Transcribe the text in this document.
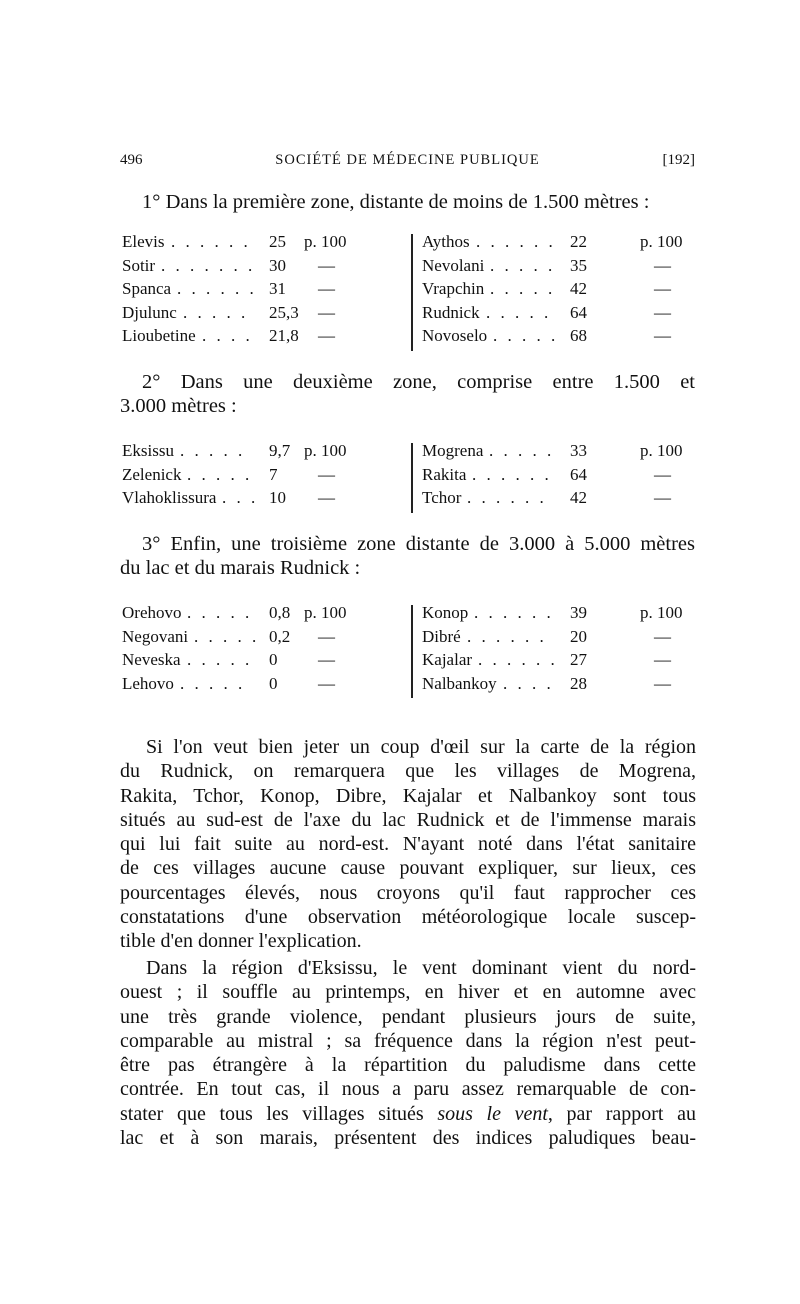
496	SOCIÉTÉ DE MÉDECINE PUBLIQUE	[192]
1° Dans la première zone, distante de moins de 1.500 mètres :
Elevis . . . . . . 25 p. 100
Sotir . . . . . . . 30 —
Spanca . . . . . . 31 —
Djulunc . . . . . 25,3 —
Lioubetine . . . . 21,8 —
Aythos . . . . . . 22	p. 100
Nevolani . . . . . 35	—
Vrapchin . . . . . 42	—
Rudnick . . . . . 64	—
Novoselo . . . . . 68	—
2° Dans une deuxième zone, comprise entre 1.500 et
3.000 mètres :
Eksissu . . . . . 9,7 p. 100
Zelenick . . . . . 7 —
Vlahoklissura . . . 10 —
Mogrena . . . . . 33	p. 100
Rakita . . . . . . 64	—
Tchor . . . . . . 42	—
3° Enfin, une troisième zone distante de 3.000 à 5.000 mètres
du lac et du marais Rudnick :
Orehovo . . . . . 0,8 p. 100
Negovani . . . . . 0,2 —
Neveska . . . . . 0 —
Lehovo . . . . . 0 —
Konop . . . . . . 39	p. 100
Dibré . . . . . . 20	—
Kajalar . . . . . . 27	—
Nalbankoy . . . . 28	—
Si l'on veut bien jeter un coup d'œil sur la carte de la région
du Rudnick, on remarquera que les villages de Mogrena,
Rakita, Tchor, Konop, Dibre, Kajalar et Nalbankoy sont tous
situés au sud-est de l'axe du lac Rudnick et de l'immense marais
qui lui fait suite au nord-est. N'ayant noté dans l'état sanitaire
de ces villages aucune cause pouvant expliquer, sur lieux, ces
pourcentages élevés, nous croyons qu'il faut rapprocher ces
constatations d'une observation météorologique locale suscep-
tible d'en donner l'explication.
Dans la région d'Eksissu, le vent dominant vient du nord-
ouest ; il souffle au printemps, en hiver et en automne avec
une très grande violence, pendant plusieurs jours de suite,
comparable au mistral ; sa fréquence dans la région n'est peut-
être pas étrangère à la répartition du paludisme dans cette
contrée. En tout cas, il nous a paru assez remarquable de con-
stater que tous les villages situés sous le vent, par rapport au
lac et à son marais, présentent des indices paludiques beau-
